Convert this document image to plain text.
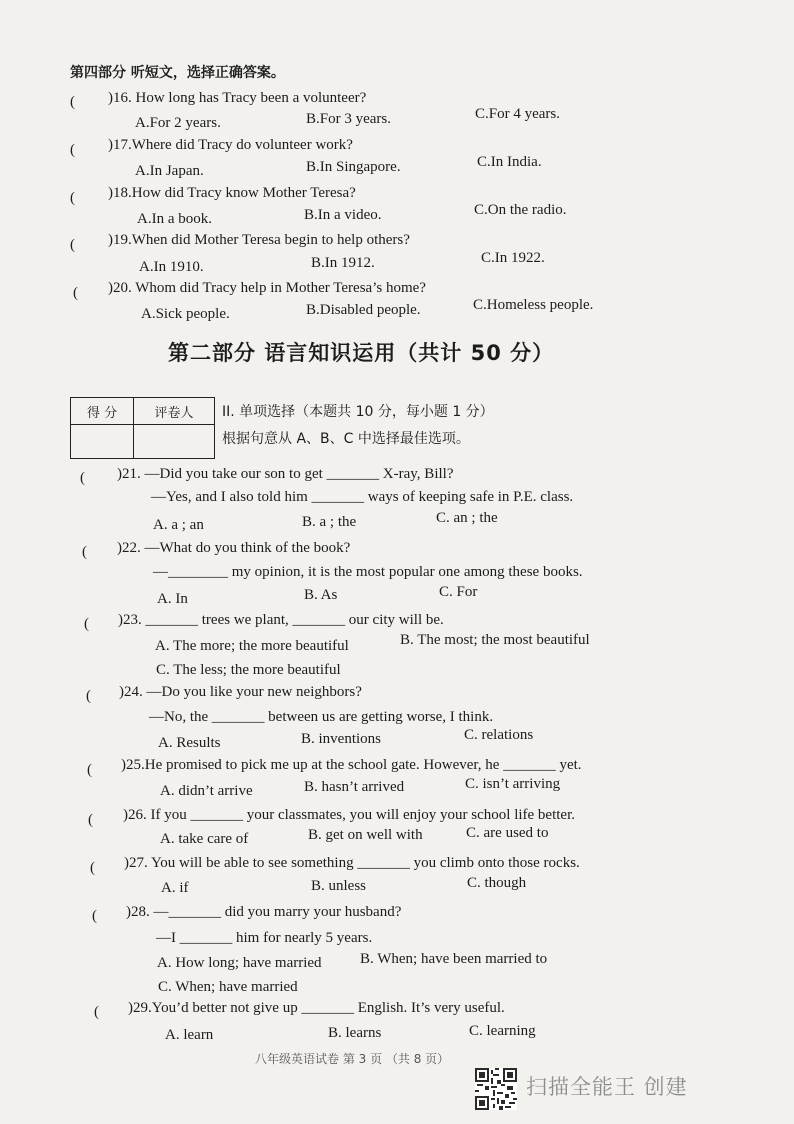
第四部分 听短文，选择正确答案。
( )16. How long has Tracy been a volunteer?
A.For 2 years.	B.For 3 years.	C.For 4 years.
( )17.Where did Tracy do volunteer work?
A.In Japan.	B.In Singapore.	C.In India.
( )18.How did Tracy know Mother Teresa?
A.In a book.	B.In a video.	C.On the radio.
( )19.When did Mother Teresa begin to help others?
A.In 1910.	B.In 1912.	C.In 1922.
( )20. Whom did Tracy help in Mother Teresa’s home?
A.Sick people.	B.Disabled people.	C.Homeless people.
第二部分 语言知识运用（共计 50 分）
得 分	评卷人
	II. 单项选择（本题共 10 分，每小题 1 分）
根据句意从 A、B、C 中选择最佳选项。
( )21. —Did you take our son to get _______ X-ray, Bill?
—Yes, and I also told him _______ ways of keeping safe in P.E. class.
A. a ; an	B. a ; the	C. an ; the
( )22. —What do you think of the book?
—________ my opinion, it is the most popular one among these books.
A. In	B. As	C. For
( )23. _______ trees we plant, _______ our city will be.
A. The more; the more beautiful	B. The most; the most beautiful
C. The less; the more beautiful
( )24. —Do you like your new neighbors?
—No, the _______ between us are getting worse, I think.
A. Results	B. inventions	C. relations
( )25.He promised to pick me up at the school gate. However, he _______ yet.
A. didn’t arrive	B. hasn’t arrived	C. isn’t arriving
( )26. If you _______ your classmates, you will enjoy your school life better.
A. take care of	B. get on well with	C. are used to
( )27. You will be able to see something _______ you climb onto those rocks.
A. if	B. unless	C. though
( )28. —_______ did you marry your husband?
—I _______ him for nearly 5 years.
A. How long; have married	B. When; have been married to
C. When; have married
( )29.You’d better not give up _______ English. It’s very useful.
A. learn	B. learns	C. learning
八年级英语试卷 第 3 页 （共 8 页）
扫描全能王 创建
